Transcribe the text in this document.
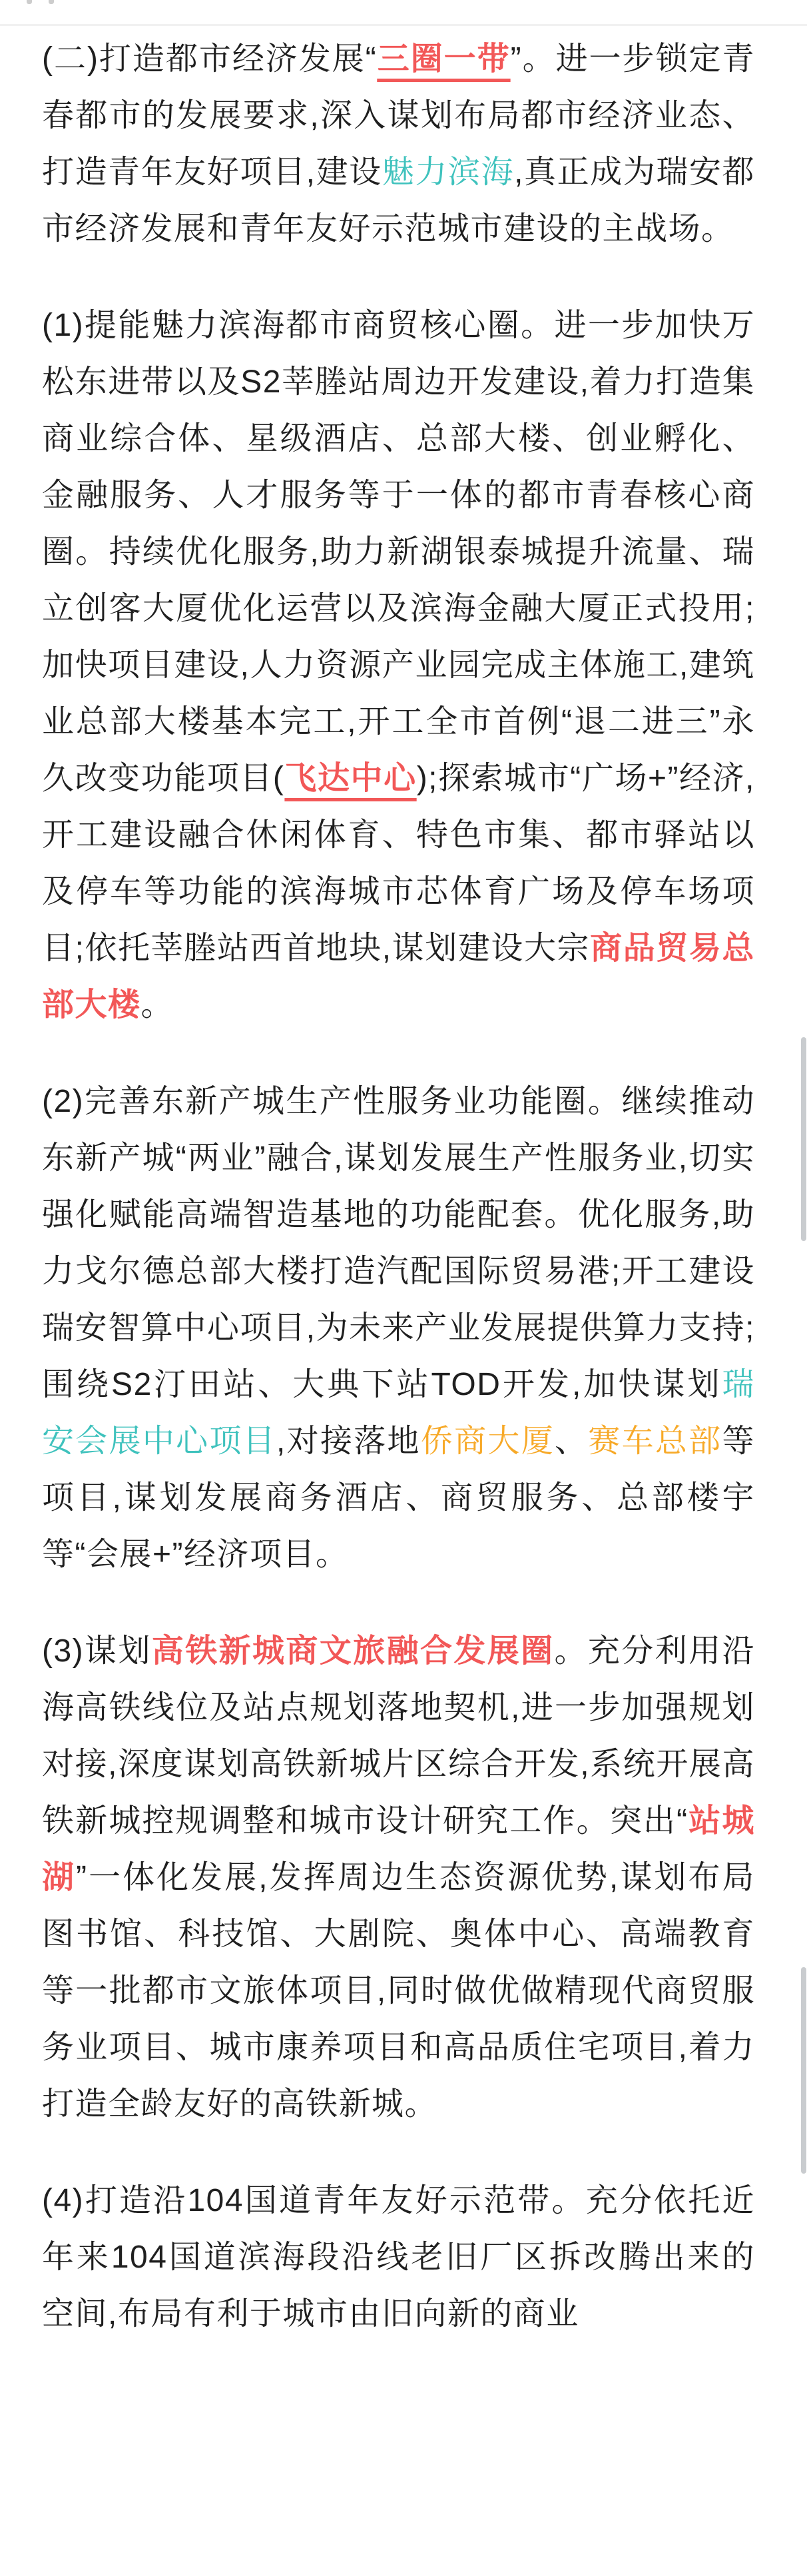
(二)打造都市经济发展“三圈一带”。进一步锁定青春都市的发展要求,深入谋划布局都市经济业态、打造青年友好项目,建设魅力滨海,真正成为瑞安都市经济发展和青年友好示范城市建设的主战场。

(1)提能魅力滨海都市商贸核心圈。进一步加快万松东进带以及S2莘塍站周边开发建设,着力打造集商业综合体、星级酒店、总部大楼、创业孵化、金融服务、人才服务等于一体的都市青春核心商圈。持续优化服务,助力新湖银泰城提升流量、瑞立创客大厦优化运营以及滨海金融大厦正式投用;加快项目建设,人力资源产业园完成主体施工,建筑业总部大楼基本完工,开工全市首例“退二进三”永久改变功能项目(飞达中心);探索城市“广场+”经济,开工建设融合休闲体育、特色市集、都市驿站以及停车等功能的滨海城市芯体育广场及停车场项目;依托莘塍站西首地块,谋划建设大宗商品贸易总部大楼。

(2)完善东新产城生产性服务业功能圈。继续推动东新产城“两业”融合,谋划发展生产性服务业,切实强化赋能高端智造基地的功能配套。优化服务,助力戈尔德总部大楼打造汽配国际贸易港;开工建设瑞安智算中心项目,为未来产业发展提供算力支持;围绕S2汀田站、大典下站TOD开发,加快谋划瑞安会展中心项目,对接落地侨商大厦、赛车总部等项目,谋划发展商务酒店、商贸服务、总部楼宇等“会展+”经济项目。

(3)谋划高铁新城商文旅融合发展圈。充分利用沿海高铁线位及站点规划落地契机,进一步加强规划对接,深度谋划高铁新城片区综合开发,系统开展高铁新城控规调整和城市设计研究工作。突出“站城湖”一体化发展,发挥周边生态资源优势,谋划布局图书馆、科技馆、大剧院、奥体中心、高端教育等一批都市文旅体项目,同时做优做精现代商贸服务业项目、城市康养项目和高品质住宅项目,着力打造全龄友好的高铁新城。

(4)打造沿104国道青年友好示范带。充分依托近年来104国道滨海段沿线老旧厂区拆改腾出来的空间,布局有利于城市由旧向新的商业
